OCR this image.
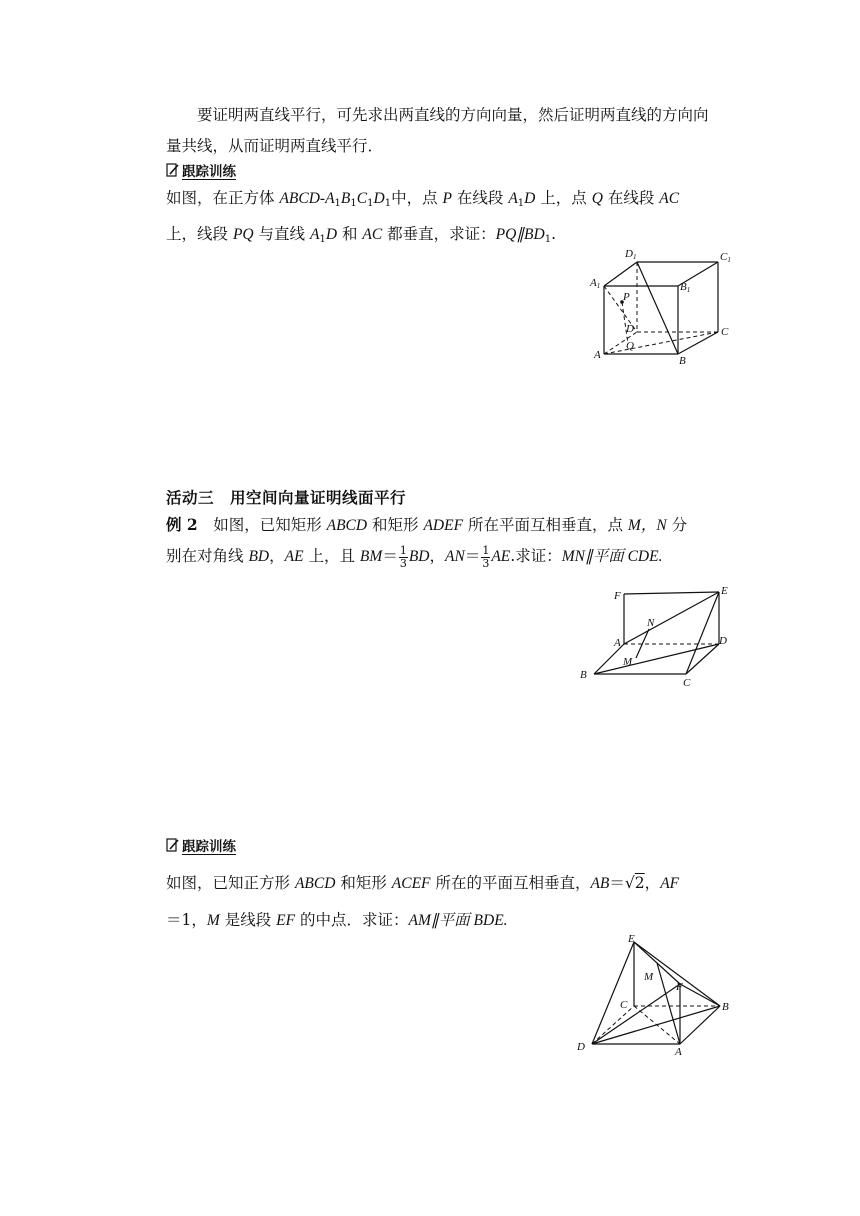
要证明两直线平行，可先求出两直线的方向向量，然后证明两直线的方向向
量共线，从而证明两直线平行．
跟踪训练
如图，在正方体 ABCD-$A_1B_1C_1D_1$中，点 P 在线段 $A_1D$ 上，点 Q 在线段 AC
上，线段 PQ 与直线 $A_1D$ 和 AC 都垂直，求证：$PQ\parallel BD_1$.
D1	C1
A1	B1
P
D	C
Q
A	B
活动三　用空间向量证明线面平行
例 2　如图，已知矩形 ABCD 和矩形 ADEF 所在平面互相垂直，点 M，N 分
别在对角线 BD，AE 上，且 $BM= \frac{1}{3}$ BD，$AN= \frac{1}{3}$ AE.求证：MN∥平面 CDE.
F	E
N
A	D
M
B
C
跟踪训练
如图，已知正方形 ABCD 和矩形 ACEF 所在的平面互相垂直，AB＝√2，AF
＝1，M 是线段 EF 的中点．求证：AM∥平面 BDE.
E
M
F
C	B
D	A
